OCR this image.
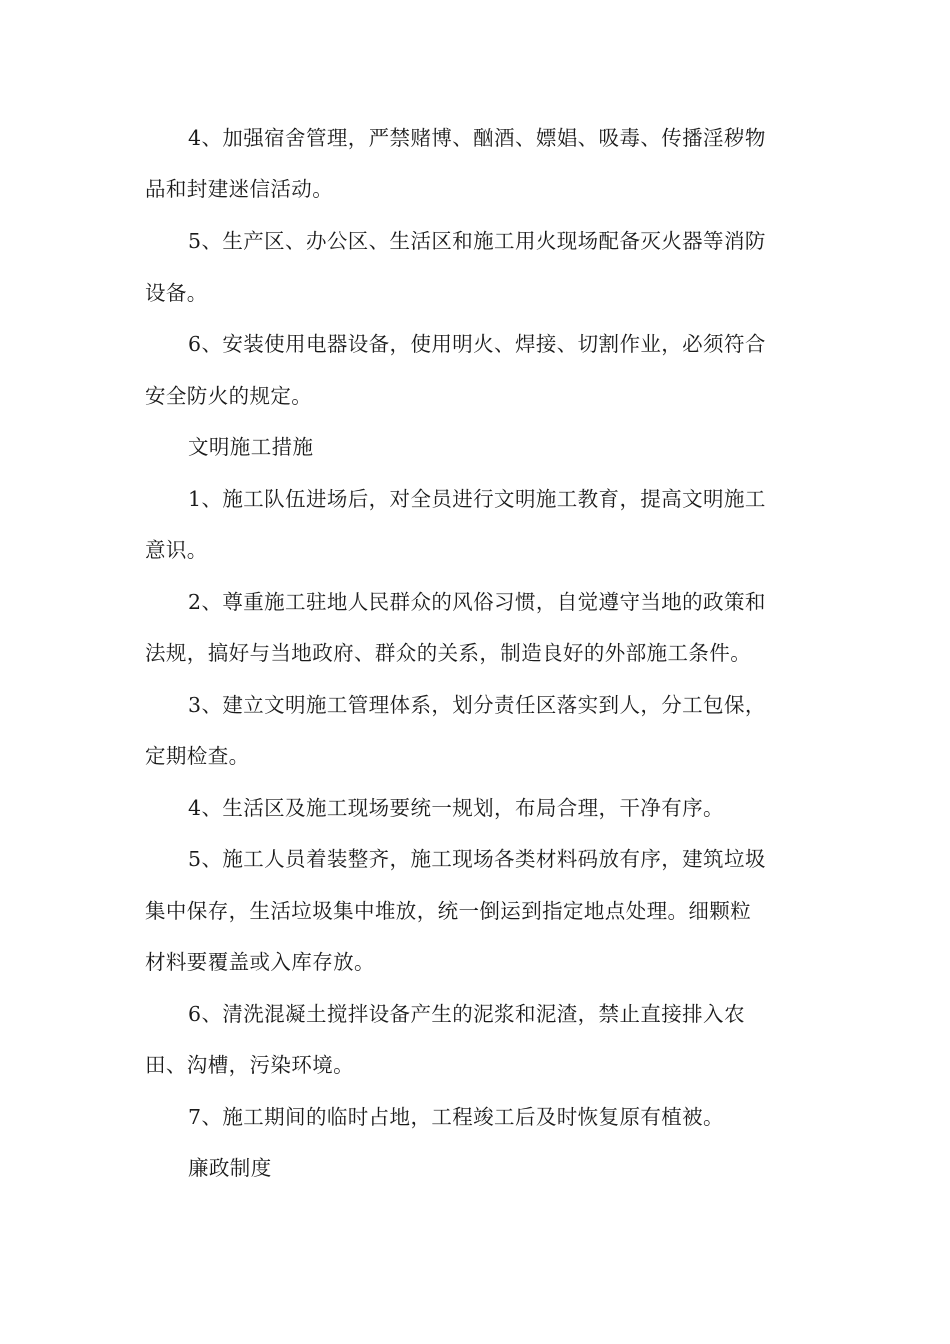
4、加强宿舍管理，严禁赌博、酗酒、嫖娼、吸毒、传播淫秽物
品和封建迷信活动。
5、生产区、办公区、生活区和施工用火现场配备灭火器等消防
设备。
6、安装使用电器设备，使用明火、焊接、切割作业，必须符合
安全防火的规定。
文明施工措施
1、施工队伍进场后，对全员进行文明施工教育，提高文明施工
意识。
2、尊重施工驻地人民群众的风俗习惯，自觉遵守当地的政策和
法规，搞好与当地政府、群众的关系，制造良好的外部施工条件。
3、建立文明施工管理体系，划分责任区落实到人，分工包保，
定期检查。
4、生活区及施工现场要统一规划，布局合理，干净有序。
5、施工人员着装整齐，施工现场各类材料码放有序，建筑垃圾
集中保存，生活垃圾集中堆放，统一倒运到指定地点处理。细颗粒
材料要覆盖或入库存放。
6、清洗混凝土搅拌设备产生的泥浆和泥渣，禁止直接排入农
田、沟槽，污染环境。
7、施工期间的临时占地，工程竣工后及时恢复原有植被。
廉政制度
